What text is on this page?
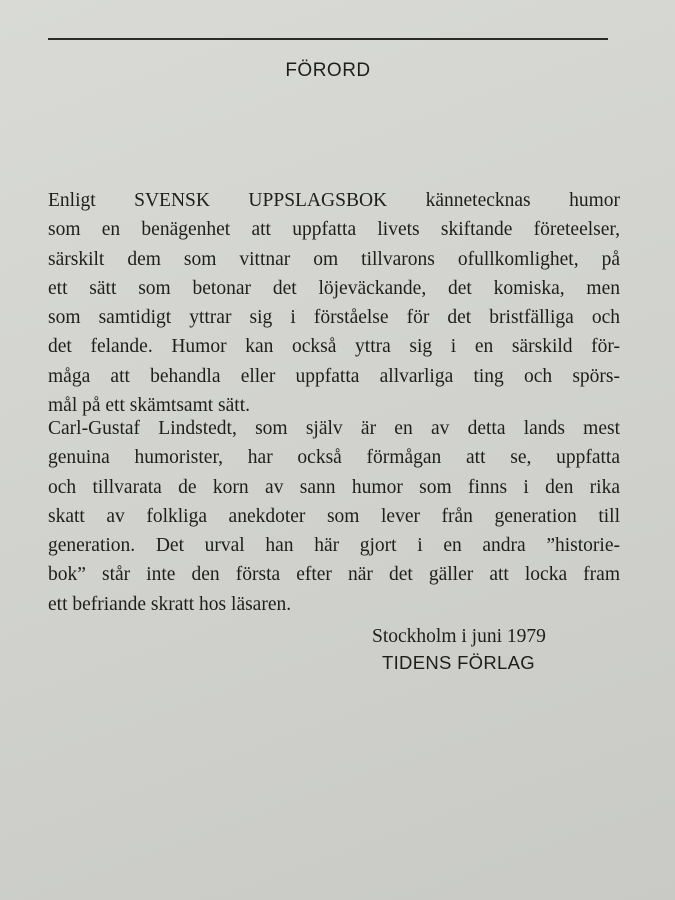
FÖRORD
Enligt SVENSK UPPSLAGSBOK kännetecknas humor
som en benägenhet att uppfatta livets skiftande företeelser,
särskilt dem som vittnar om tillvarons ofullkomlighet, på
ett sätt som betonar det löjeväckande, det komiska, men
som samtidigt yttrar sig i förståelse för det bristfälliga och
det felande. Humor kan också yttra sig i en särskild för-
måga att behandla eller uppfatta allvarliga ting och spörs-
mål på ett skämtsamt sätt.
Carl-Gustaf Lindstedt, som själv är en av detta lands mest
genuina humorister, har också förmågan att se, uppfatta
och tillvarata de korn av sann humor som finns i den rika
skatt av folkliga anekdoter som lever från generation till
generation. Det urval han här gjort i en andra ”historie-
bok” står inte den första efter när det gäller att locka fram
ett befriande skratt hos läsaren.
Stockholm i juni 1979
TIDENS FÖRLAG
